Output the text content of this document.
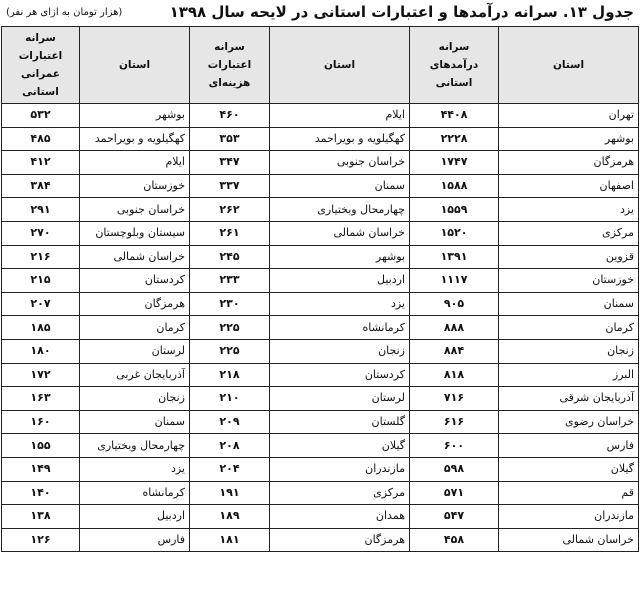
جدول ۱۳. سرانه درآمدها و اعتبارات استانی در لایحه سال ۱۳۹۸
(هزار تومان به ازای هر نفر)
استان	سرانه درآمدهای استانی	استان	سرانه اعتبارات هزینه‌ای	استان	سرانه اعتبارات عمرانی استانی
تهران	۴۴۰۸	ایلام	۴۶۰	بوشهر	۵۳۲
بوشهر	۲۲۲۸	کهگیلویه و بویراحمد	۳۵۳	کهگیلویه و بویراحمد	۴۸۵
هرمزگان	۱۷۴۷	خراسان جنوبی	۳۴۷	ایلام	۴۱۲
اصفهان	۱۵۸۸	سمنان	۳۳۷	خوزستان	۳۸۴
یزد	۱۵۵۹	چهارمحال وبختیاری	۲۶۲	خراسان جنوبی	۲۹۱
مرکزی	۱۵۲۰	خراسان شمالی	۲۶۱	سیستان وبلوچستان	۲۷۰
قزوین	۱۳۹۱	بوشهر	۲۴۵	خراسان شمالی	۲۱۶
خوزستان	۱۱۱۷	اردبیل	۲۳۳	کردستان	۲۱۵
سمنان	۹۰۵	یزد	۲۳۰	هرمزگان	۲۰۷
کرمان	۸۸۸	کرمانشاه	۲۲۵	کرمان	۱۸۵
زنجان	۸۸۴	زنجان	۲۲۵	لرستان	۱۸۰
البرز	۸۱۸	کردستان	۲۱۸	آذربایجان غربی	۱۷۲
آذربایجان شرقی	۷۱۶	لرستان	۲۱۰	زنجان	۱۶۳
خراسان رضوی	۶۱۶	گلستان	۲۰۹	سمنان	۱۶۰
فارس	۶۰۰	گیلان	۲۰۸	چهارمحال وبختیاری	۱۵۵
گیلان	۵۹۸	مازندران	۲۰۴	یزد	۱۴۹
قم	۵۷۱	مرکزی	۱۹۱	کرمانشاه	۱۴۰
مازندران	۵۴۷	همدان	۱۸۹	اردبیل	۱۳۸
خراسان شمالی	۴۵۸	هرمزگان	۱۸۱	فارس	۱۲۶
